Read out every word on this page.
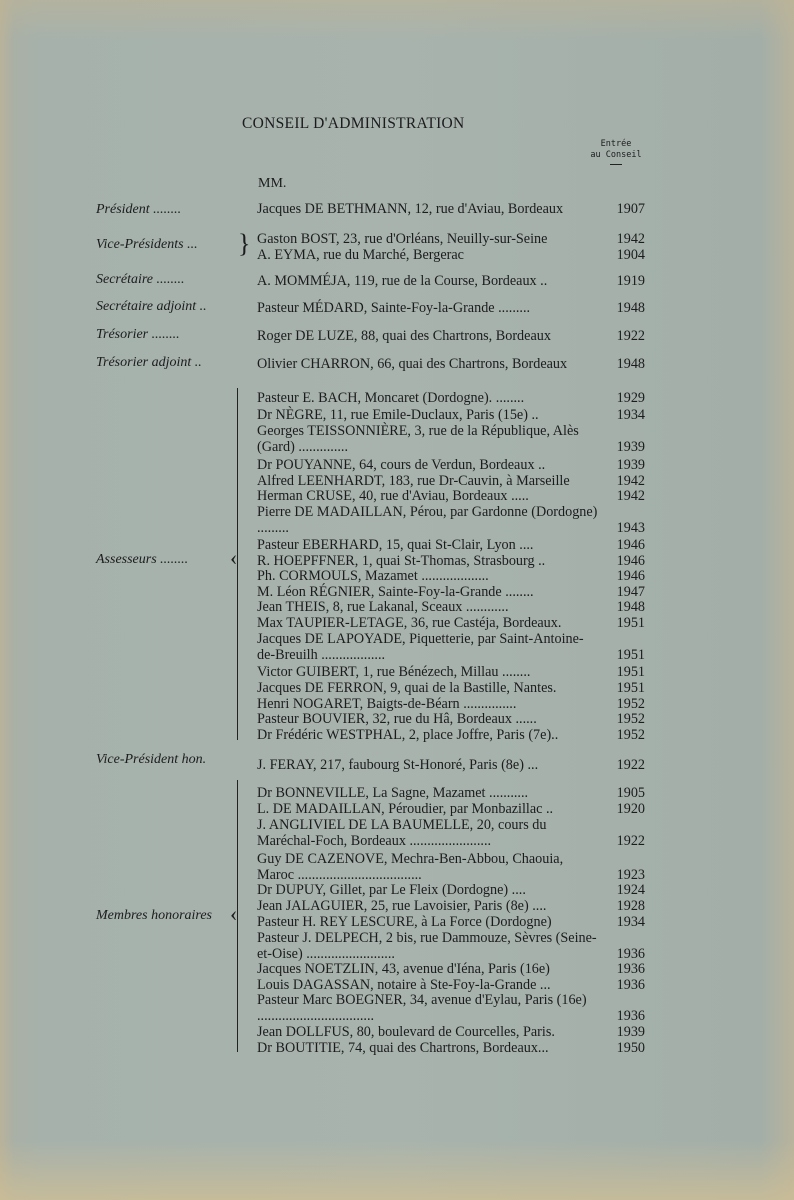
CONSEIL D'ADMINISTRATION
Entrée
au Conseil
MM.
Président ........	Jacques DE BETHMANN, 12, rue d'Aviau, Bordeaux	1907
Vice-Présidents ... } Gaston BOST, 23, rue d'Orléans, Neuilly-sur-Seine	1942
A. EYMA, rue du Marché, Bergerac	1904
Secrétaire ........	A. MOMMÉJA, 119, rue de la Course, Bordeaux ..	1919
Secrétaire adjoint ..	Pasteur MÉDARD, Sainte-Foy-la-Grande .........	1948
Trésorier ........	Roger DE LUZE, 88, quai des Chartrons, Bordeaux	1922
Trésorier adjoint ..	Olivier CHARRON, 66, quai des Chartrons, Bordeaux	1948
Assesseurs ........ ‹
Pasteur E. BACH, Moncaret (Dordogne). ........	1929
Dr NÈGRE, 11, rue Emile-Duclaux, Paris (15e) ..	1934
Georges TEISSONNIÈRE, 3, rue de la République, Alès (Gard) ..............	1939
Dr POUYANNE, 64, cours de Verdun, Bordeaux ..	1939
Alfred LEENHARDT, 183, rue Dr-Cauvin, à Marseille	1942
Herman CRUSE, 40, rue d'Aviau, Bordeaux .....	1942
Pierre DE MADAILLAN, Pérou, par Gardonne (Dordogne) .........	1943
Pasteur EBERHARD, 15, quai St-Clair, Lyon ....	1946
R. HOEPFFNER, 1, quai St-Thomas, Strasbourg ..	1946
Ph. CORMOULS, Mazamet ...................	1946
M. Léon RÉGNIER, Sainte-Foy-la-Grande ........	1947
Jean THEIS, 8, rue Lakanal, Sceaux ............	1948
Max TAUPIER-LETAGE, 36, rue Castéja, Bordeaux.	1951
Jacques DE LAPOYADE, Piquetterie, par Saint-Antoine-de-Breuilh ..................	1951
Victor GUIBERT, 1, rue Bénézech, Millau ........	1951
Jacques DE FERRON, 9, quai de la Bastille, Nantes.	1951
Henri NOGARET, Baigts-de-Béarn ...............	1952
Pasteur BOUVIER, 32, rue du Hâ, Bordeaux ......	1952
Dr Frédéric WESTPHAL, 2, place Joffre, Paris (7e)..	1952
Vice-Président hon.	J. FERAY, 217, faubourg St-Honoré, Paris (8e) ...	1922
Membres honoraires ‹
Dr BONNEVILLE, La Sagne, Mazamet ...........	1905
L. DE MADAILLAN, Péroudier, par Monbazillac ..	1920
J. ANGLIVIEL DE LA BAUMELLE, 20, cours du Maréchal-Foch, Bordeaux .......................	1922
Guy DE CAZENOVE, Mechra-Ben-Abbou, Chaouia, Maroc ...................................	1923
Dr DUPUY, Gillet, par Le Fleix (Dordogne) ....	1924
Jean JALAGUIER, 25, rue Lavoisier, Paris (8e) ....	1928
Pasteur H. REY LESCURE, à La Force (Dordogne)	1934
Pasteur J. DELPECH, 2 bis, rue Dammouze, Sèvres (Seine-et-Oise) .........................	1936
Jacques NOETZLIN, 43, avenue d'Iéna, Paris (16e)	1936
Louis DAGASSAN, notaire à Ste-Foy-la-Grande ...	1936
Pasteur Marc BOEGNER, 34, avenue d'Eylau, Paris (16e) .................................	1936
Jean DOLLFUS, 80, boulevard de Courcelles, Paris.	1939
Dr BOUTITIE, 74, quai des Chartrons, Bordeaux...	1950
